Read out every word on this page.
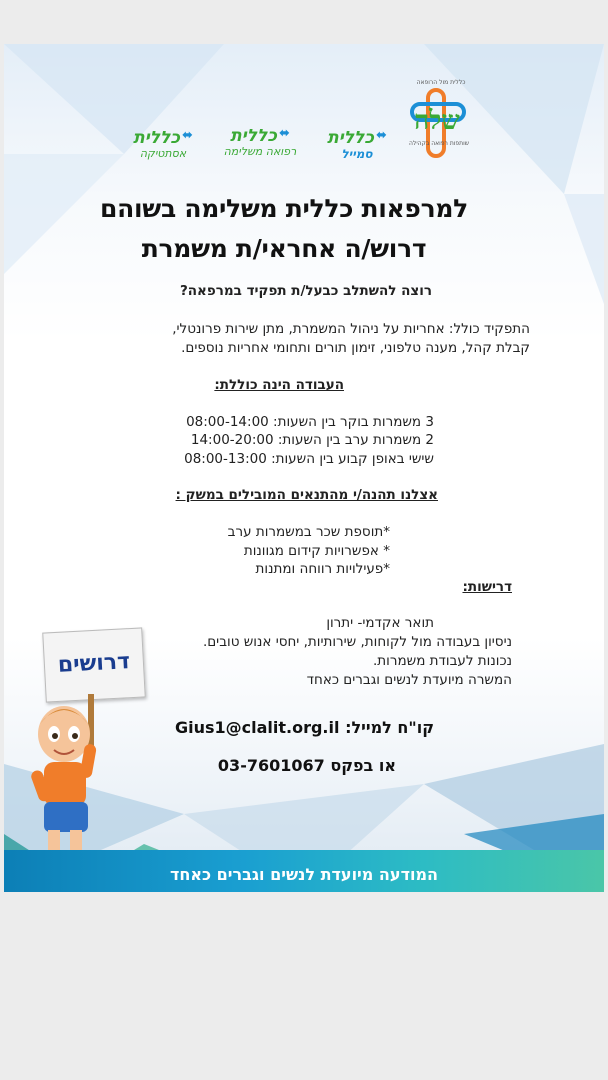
⬌כללית
אסתטיקה
⬌כללית
רפואה משלימה
⬌כללית
סמייל
כללית מול הרופאה
שלה
שותפות רפואה בקהילה
למרפאות כללית משלימה בשוהם
דרוש/ה אחראי/ת משמרת

רוצה להשתלב כבעל/ת תפקיד במרפאה?

התפקיד כולל: אחריות על ניהול המשמרת, מתן שירות פרונטלי,

קבלת קהל, מענה טלפוני, זימון תורים ותחומי אחריות נוספים.

העבודה הינה כוללת:

3 משמרות בוקר בין השעות: 08:00-14:00

2 משמרות ערב בין השעות: 14:00-20:00

שישי באופן קבוע בין השעות: 08:00-13:00

אצלנו תהנה/י מהתנאים המובילים במשק :

*תוספת שכר במשמרות ערב

* אפשרויות קידום מגוונות

*פעילויות רווחה ומתנות

דרישות:

תואר אקדמי- יתרון

ניסיון בעבודה מול לקוחות, שירותיות, יחסי אנוש טובים.

נכונות לעבודת משמרות.

המשרה מיועדת לנשים וגברים כאחד

קו"ח למייל: Gius1@clalit.org.il
או בפקס 03-7601067
דרושים
המודעה מיועדת לנשים וגברים כאחד
